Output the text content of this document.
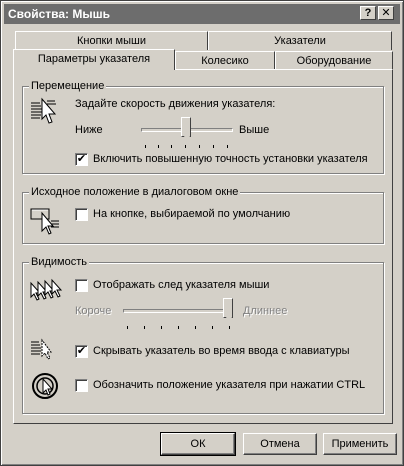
Свойства: Мышь	? ✕
Кнопки мыши	Указатели
Параметры указателя	Колесико	Оборудование
Перемещение
Задайте скорость движения указателя:
Ниже	Выше
✔ Включить повышенную точность установки указателя
Исходное положение в диалоговом окне
На кнопке, выбираемой по умолчанию
Видимость
Отображать след указателя мыши
Короче	Длиннее
✔ Скрывать указатель во время ввода с клавиатуры
Обозначить положение указателя при нажатии CTRL
ОК	Отмена	Применить
